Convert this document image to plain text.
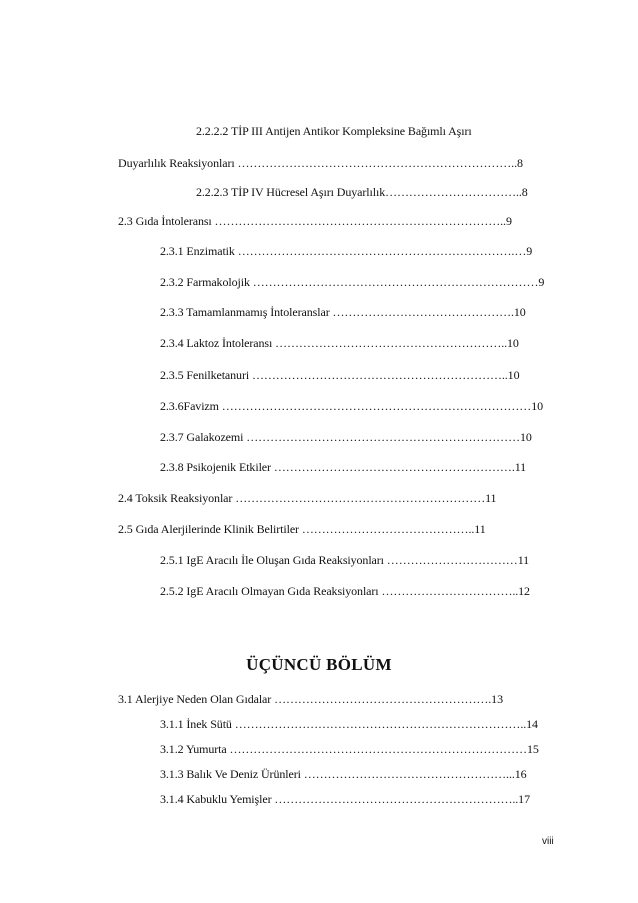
2.2.2.2 TİP III Antijen Antikor Kompleksine Bağımlı Aşırı
Duyarlılık Reaksiyonları ……………………………………………………………..8
2.2.2.3 TİP IV Hücresel Aşırı Duyarlılık……………………………..8
2.3 Gıda İntoleransı ………………………………………………………………..9
2.3.1 Enzimatik …………………………………………………………….…9
2.3.2 Farmakolojik ………………………………………………………………9
2.3.3 Tamamlanmamış İntoleranslar ……………………………………….10
2.3.4 Laktoz İntoleransı …………………………………………………..10
2.3.5 Fenilketanuri ………………………………………………………..10
2.3.6Favizm ……………………………………………………………………10
2.3.7 Galakozemi ……………………………………………………………10
2.3.8 Psikojenik Etkiler …………………………………………………….11
2.4 Toksik Reaksiyonlar ………………………………………………………11
2.5 Gıda Alerjilerinde Klinik Belirtiler ……………………………………..11
2.5.1 IgE Aracılı İle Oluşan Gıda Reaksiyonları ……………………………11
2.5.2 IgE Aracılı Olmayan Gıda Reaksiyonları ……………………………..12
ÜÇÜNCÜ BÖLÜM
3.1 Alerjiye Neden Olan Gıdalar ……………………………………………….13
3.1.1 İnek Sütü ………………………………………………………………..14
3.1.2 Yumurta …………………………………………………………………15
3.1.3 Balık Ve Deniz Ürünleri ……………………………………………...16
3.1.4 Kabuklu Yemişler ……………………………………………………..17
viii
